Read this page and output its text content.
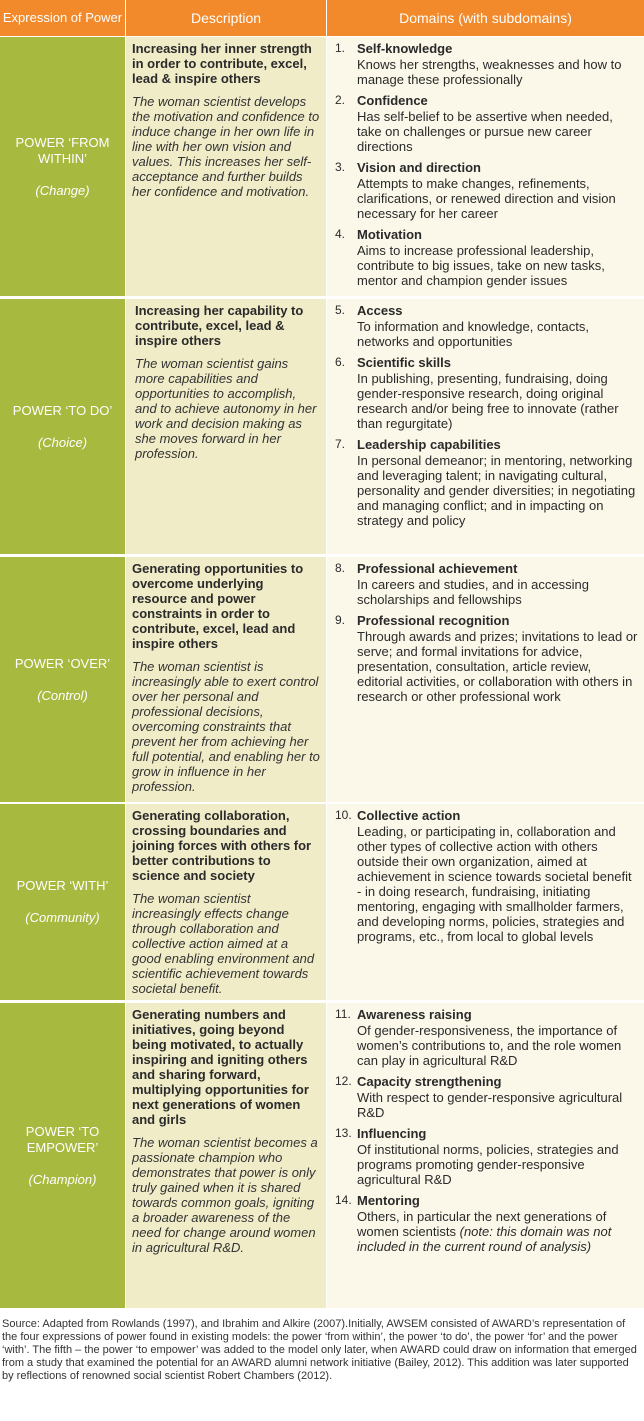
Expression of Power	Description	Domains (with subdomains)
POWER ‘FROM WITHIN’
(Change)
Increasing her inner strength in order to contribute, excel, lead & inspire others
The woman scientist develops the motivation and confidence to induce change in her own life in line with her own vision and values. This increases her self-acceptance and further builds her confidence and motivation.
1. Self-knowledge
Knows her strengths, weaknesses and how to manage these professionally
2. Confidence
Has self-belief to be assertive when needed, take on challenges or pursue new career directions
3. Vision and direction
Attempts to make changes, refinements, clarifications, or renewed direction and vision necessary for her career
4. Motivation
Aims to increase professional leadership, contribute to big issues, take on new tasks, mentor and champion gender issues
POWER ‘TO DO’
(Choice)
Increasing her capability to contribute, excel, lead & inspire others
The woman scientist gains more capabilities and opportunities to accomplish, and to achieve autonomy in her work and decision making as she moves forward in her profession.
5. Access
To information and knowledge, contacts, networks and opportunities
6. Scientific skills
In publishing, presenting, fundraising, doing gender-responsive research, doing original research and/or being free to innovate (rather than regurgitate)
7. Leadership capabilities
In personal demeanor; in mentoring, networking and leveraging talent; in navigating cultural, personality and gender diversities; in negotiating and managing conflict; and in impacting on strategy and policy
POWER ‘OVER’
(Control)
Generating opportunities to overcome underlying resource and power constraints in order to contribute, excel, lead and inspire others
The woman scientist is increasingly able to exert control over her personal and professional decisions, overcoming constraints that prevent her from achieving her full potential, and enabling her to grow in influence in her profession.
8. Professional achievement
In careers and studies, and in accessing scholarships and fellowships
9. Professional recognition
Through awards and prizes; invitations to lead or serve; and formal invitations for advice, presentation, consultation, article review, editorial activities, or collaboration with others in research or other professional work
POWER ‘WITH’
(Community)
Generating collaboration, crossing boundaries and joining forces with others for better contributions to science and society
The woman scientist increasingly effects change through collaboration and collective action aimed at a good enabling environment and scientific achievement towards societal benefit.
10. Collective action
Leading, or participating in, collaboration and other types of collective action with others outside their own organization, aimed at achievement in science towards societal benefit - in doing research, fundraising, initiating mentoring, engaging with smallholder farmers, and developing norms, policies, strategies and programs, etc., from local to global levels
POWER ‘TO EMPOWER’
(Champion)
Generating numbers and initiatives, going beyond being motivated, to actually inspiring and igniting others and sharing forward, multiplying opportunities for next generations of women and girls
The woman scientist becomes a passionate champion who demonstrates that power is only truly gained when it is shared towards common goals, igniting a broader awareness of the need for change around women in agricultural R&D.
11. Awareness raising
Of gender-responsiveness, the importance of women’s contributions to, and the role women can play in agricultural R&D
12. Capacity strengthening
With respect to gender-responsive agricultural R&D
13. Influencing
Of institutional norms, policies, strategies and programs promoting gender-responsive agricultural R&D
14. Mentoring
Others, in particular the next generations of women scientists (note: this domain was not included in the current round of analysis)
Source: Adapted from Rowlands (1997), and Ibrahim and Alkire (2007).Initially, AWSEM consisted of AWARD’s representation of the four expressions of power found in existing models: the power ‘from within’, the power ‘to do’, the power ‘for’ and the power ‘with’. The fifth – the power ‘to empower’ was added to the model only later, when AWARD could draw on information that emerged from a study that examined the potential for an AWARD alumni network initiative (Bailey, 2012). This addition was later supported by reflections of renowned social scientist Robert Chambers (2012).
